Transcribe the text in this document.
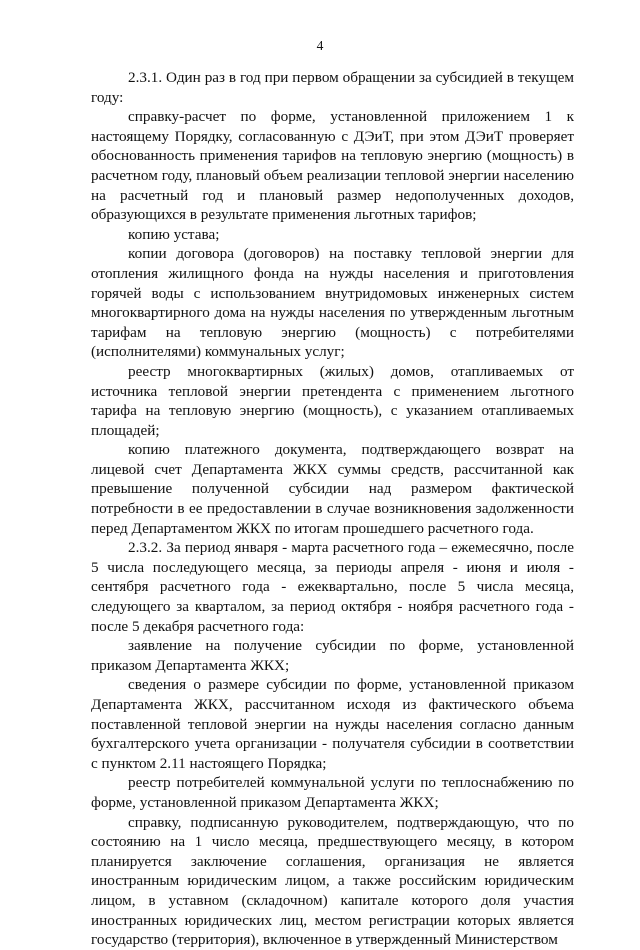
4

2.3.1. Один раз в год при первом обращении за субсидией в текущем году:

справку-расчет по форме, установленной приложением 1 к настоящему Порядку, согласованную с ДЭиТ, при этом ДЭиТ проверяет обоснованность применения тарифов на тепловую энергию (мощность) в расчетном году, плановый объем реализации тепловой энергии населению на расчетный год и плановый размер недополученных доходов, образующихся в результате применения льготных тарифов;

копию устава;

копии договора (договоров) на поставку тепловой энергии для отопления жилищного фонда на нужды населения и приготовления горячей воды с использованием внутридомовых инженерных систем многоквартирного дома на нужды населения по утвержденным льготным тарифам на тепловую энергию (мощность) с потребителями (исполнителями) коммунальных услуг;

реестр многоквартирных (жилых) домов, отапливаемых от источника тепловой энергии претендента с применением льготного тарифа на тепловую энергию (мощность), с указанием отапливаемых площадей;

копию платежного документа, подтверждающего возврат на лицевой счет Департамента ЖКХ суммы средств, рассчитанной как превышение полученной субсидии над размером фактической потребности в ее предоставлении в случае возникновения задолженности перед Департаментом ЖКХ по итогам прошедшего расчетного года.

2.3.2. За период января - марта расчетного года – ежемесячно, после 5 числа последующего месяца, за периоды апреля - июня и июля - сентября расчетного года - ежеквартально, после 5 числа месяца, следующего за кварталом, за период октября - ноября расчетного года - после 5 декабря расчетного года:

заявление на получение субсидии по форме, установленной приказом Департамента ЖКХ;

сведения о размере субсидии по форме, установленной приказом Департамента ЖКХ, рассчитанном исходя из фактического объема поставленной тепловой энергии на нужды населения согласно данным бухгалтерского учета организации - получателя субсидии в соответствии с пунктом 2.11 настоящего Порядка;

реестр потребителей коммунальной услуги по теплоснабжению по форме, установленной приказом Департамента ЖКХ;

справку, подписанную руководителем, подтверждающую, что по состоянию на 1 число месяца, предшествующего месяцу, в котором планируется заключение соглашения, организация не является иностранным юридическим лицом, а также российским юридическим лицом, в уставном (складочном) капитале которого доля участия иностранных юридических лиц, местом регистрации которых является государство (территория), включенное в утвержденный Министерством
